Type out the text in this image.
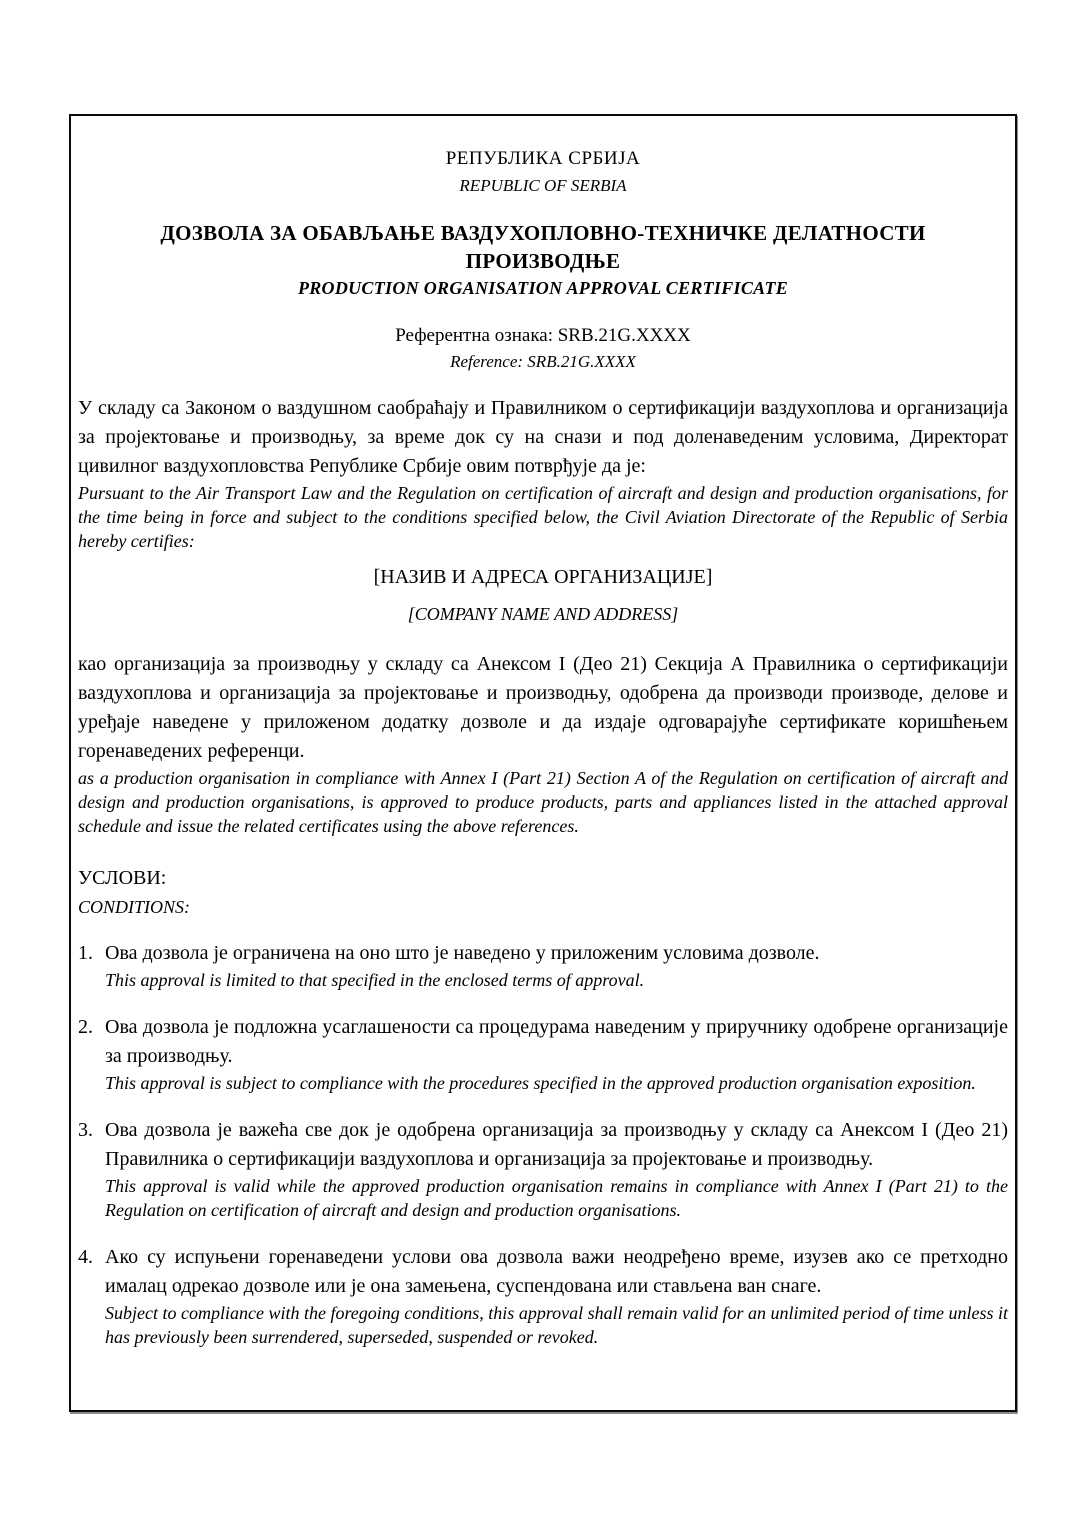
РЕПУБЛИКА СРБИЈА
REPUBLIC OF SERBIA
ДОЗВОЛА ЗА ОБАВЉАЊЕ ВАЗДУХОПЛОВНО-ТЕХНИЧКЕ ДЕЛАТНОСТИ ПРОИЗВОДЊЕ
PRODUCTION ORGANISATION APPROVAL CERTIFICATE
Референтна ознака: SRB.21G.XXXX
Reference: SRB.21G.XXXX

У складу са Законом о ваздушном саобраћају и Правилником о сертификацији ваздухоплова и организација за пројектовање и производњу, за време док су на снази и под доленаведеним условима, Директорат цивилног ваздухопловства Републике Србије овим потврђује да је:

Pursuant to the Air Transport Law and the Regulation on certification of aircraft and design and production organisations, for the time being in force and subject to the conditions specified below, the Civil Aviation Directorate of the Republic of Serbia hereby certifies:

[НАЗИВ И АДРЕСА ОРГАНИЗАЦИЈЕ]
[COMPANY NAME AND ADDRESS]

као организација за производњу у складу са Анексом I (Део 21) Секција А Правилника о сертификацији ваздухоплова и организација за пројектовање и производњу, одобрена да производи производе, делове и уређаје наведене у приложеном додатку дозволе и да издаје одговарајуће сертификате коришћењем горенаведених референци.

as a production organisation in compliance with Annex I (Part 21) Section A of the Regulation on certification of aircraft and design and production organisations, is approved to produce products, parts and appliances listed in the attached approval schedule and issue the related certificates using the above references.

УСЛОВИ:
CONDITIONS:
1. Ова дозвола је ограничена на оно што је наведено у приложеним условима дозволе.

This approval is limited to that specified in the enclosed terms of approval.

2. Ова дозвола је подложна усаглашености са процедурама наведеним у приручнику одобрене организације за производњу.

This approval is subject to compliance with the procedures specified in the approved production organisation exposition.

3. Ова дозвола је важећа све док је одобрена организација за производњу у складу са Анексом I (Део 21) Правилника о сертификацији ваздухоплова и организација за пројектовање и производњу.

This approval is valid while the approved production organisation remains in compliance with Annex I (Part 21) to the Regulation on certification of aircraft and design and production organisations.

4. Ако су испуњени горенаведени услови ова дозвола важи неодређено време, изузев ако се претходно ималац одрекао дозволе или је она замењена, суспендована или стављена ван снаге.

Subject to compliance with the foregoing conditions, this approval shall remain valid for an unlimited period of time unless it has previously been surrendered, superseded, suspended or revoked.
